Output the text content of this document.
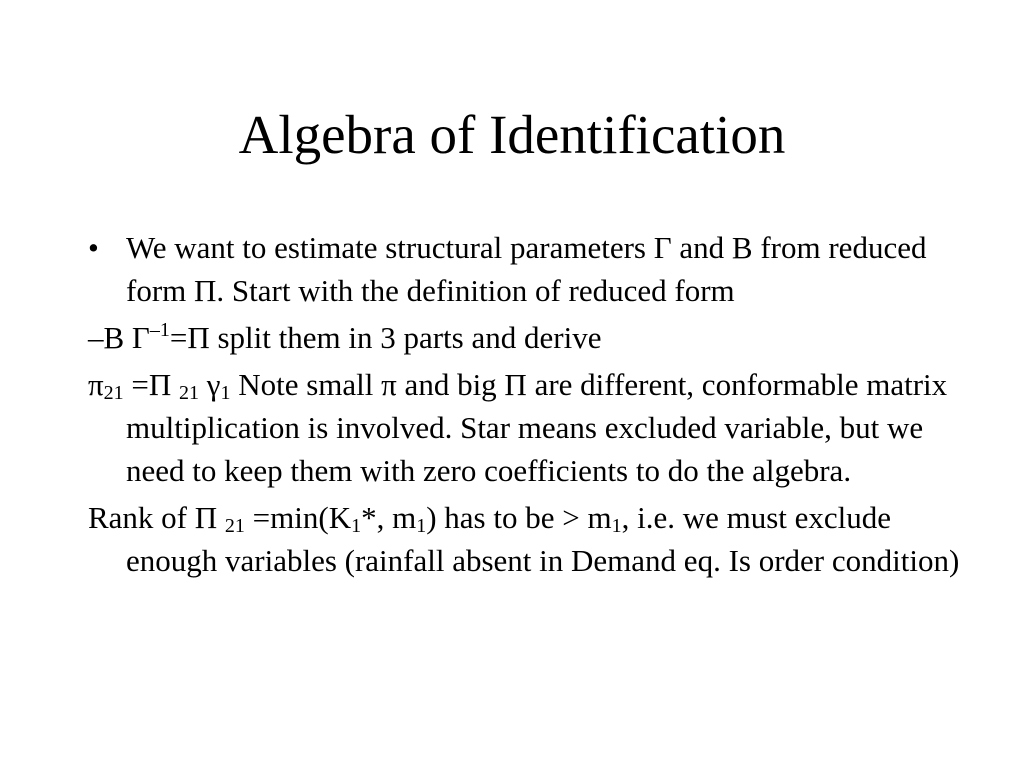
Algebra of Identification

• We want to estimate structural parameters Γ and Β from reduced form Π. Start with the definition of reduced form

–Β $\Gamma^{-1}=\Pi$ split them in 3 parts and derive

$\pi_{21} =\Pi$ $_{21}$ $\gamma_1$ Note small π and big Π are different, conformable matrix multiplication is involved. Star means excluded variable, but we need to keep them with zero coefficients to do the algebra.

Rank of Π $_{21} =\min(K_1*$, $m_1$) has to be > $m_1$, i.e. we must exclude enough variables (rainfall absent in Demand eq. Is order condition)
